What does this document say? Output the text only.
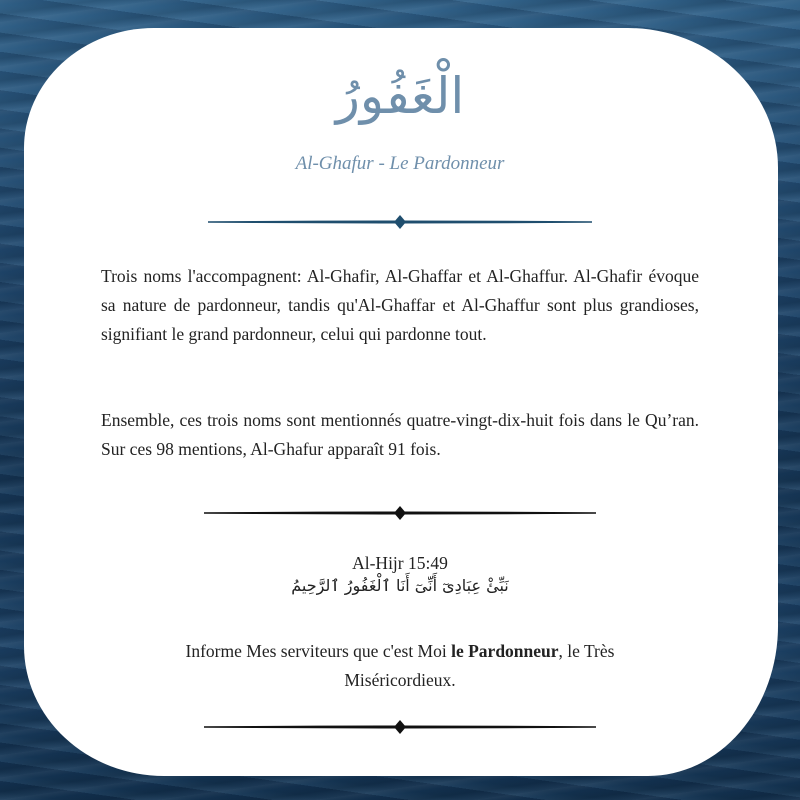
الْغَفُورُ
Al-Ghafur - Le Pardonneur

Trois noms l'accompagnent: Al-Ghafir, Al-Ghaffar et Al-Ghaffur. Al-Ghafir évoque sa nature de pardonneur, tandis qu'Al-Ghaffar et Al-Ghaffur sont plus grandioses, signifiant le grand pardonneur, celui qui pardonne tout.

Ensemble, ces trois noms sont mentionnés quatre-vingt-dix-huit fois dans le Qu’ran. Sur ces 98 mentions, Al-Ghafur apparaît 91 fois.

Al-Hijr 15:49
نَبِّئْ عِبَادِىٓ أَنِّىٓ أَنَا ٱلْغَفُورُ ٱلرَّحِيمُ
Informe Mes serviteurs que c'est Moi le Pardonneur, le Très Miséricordieux.
